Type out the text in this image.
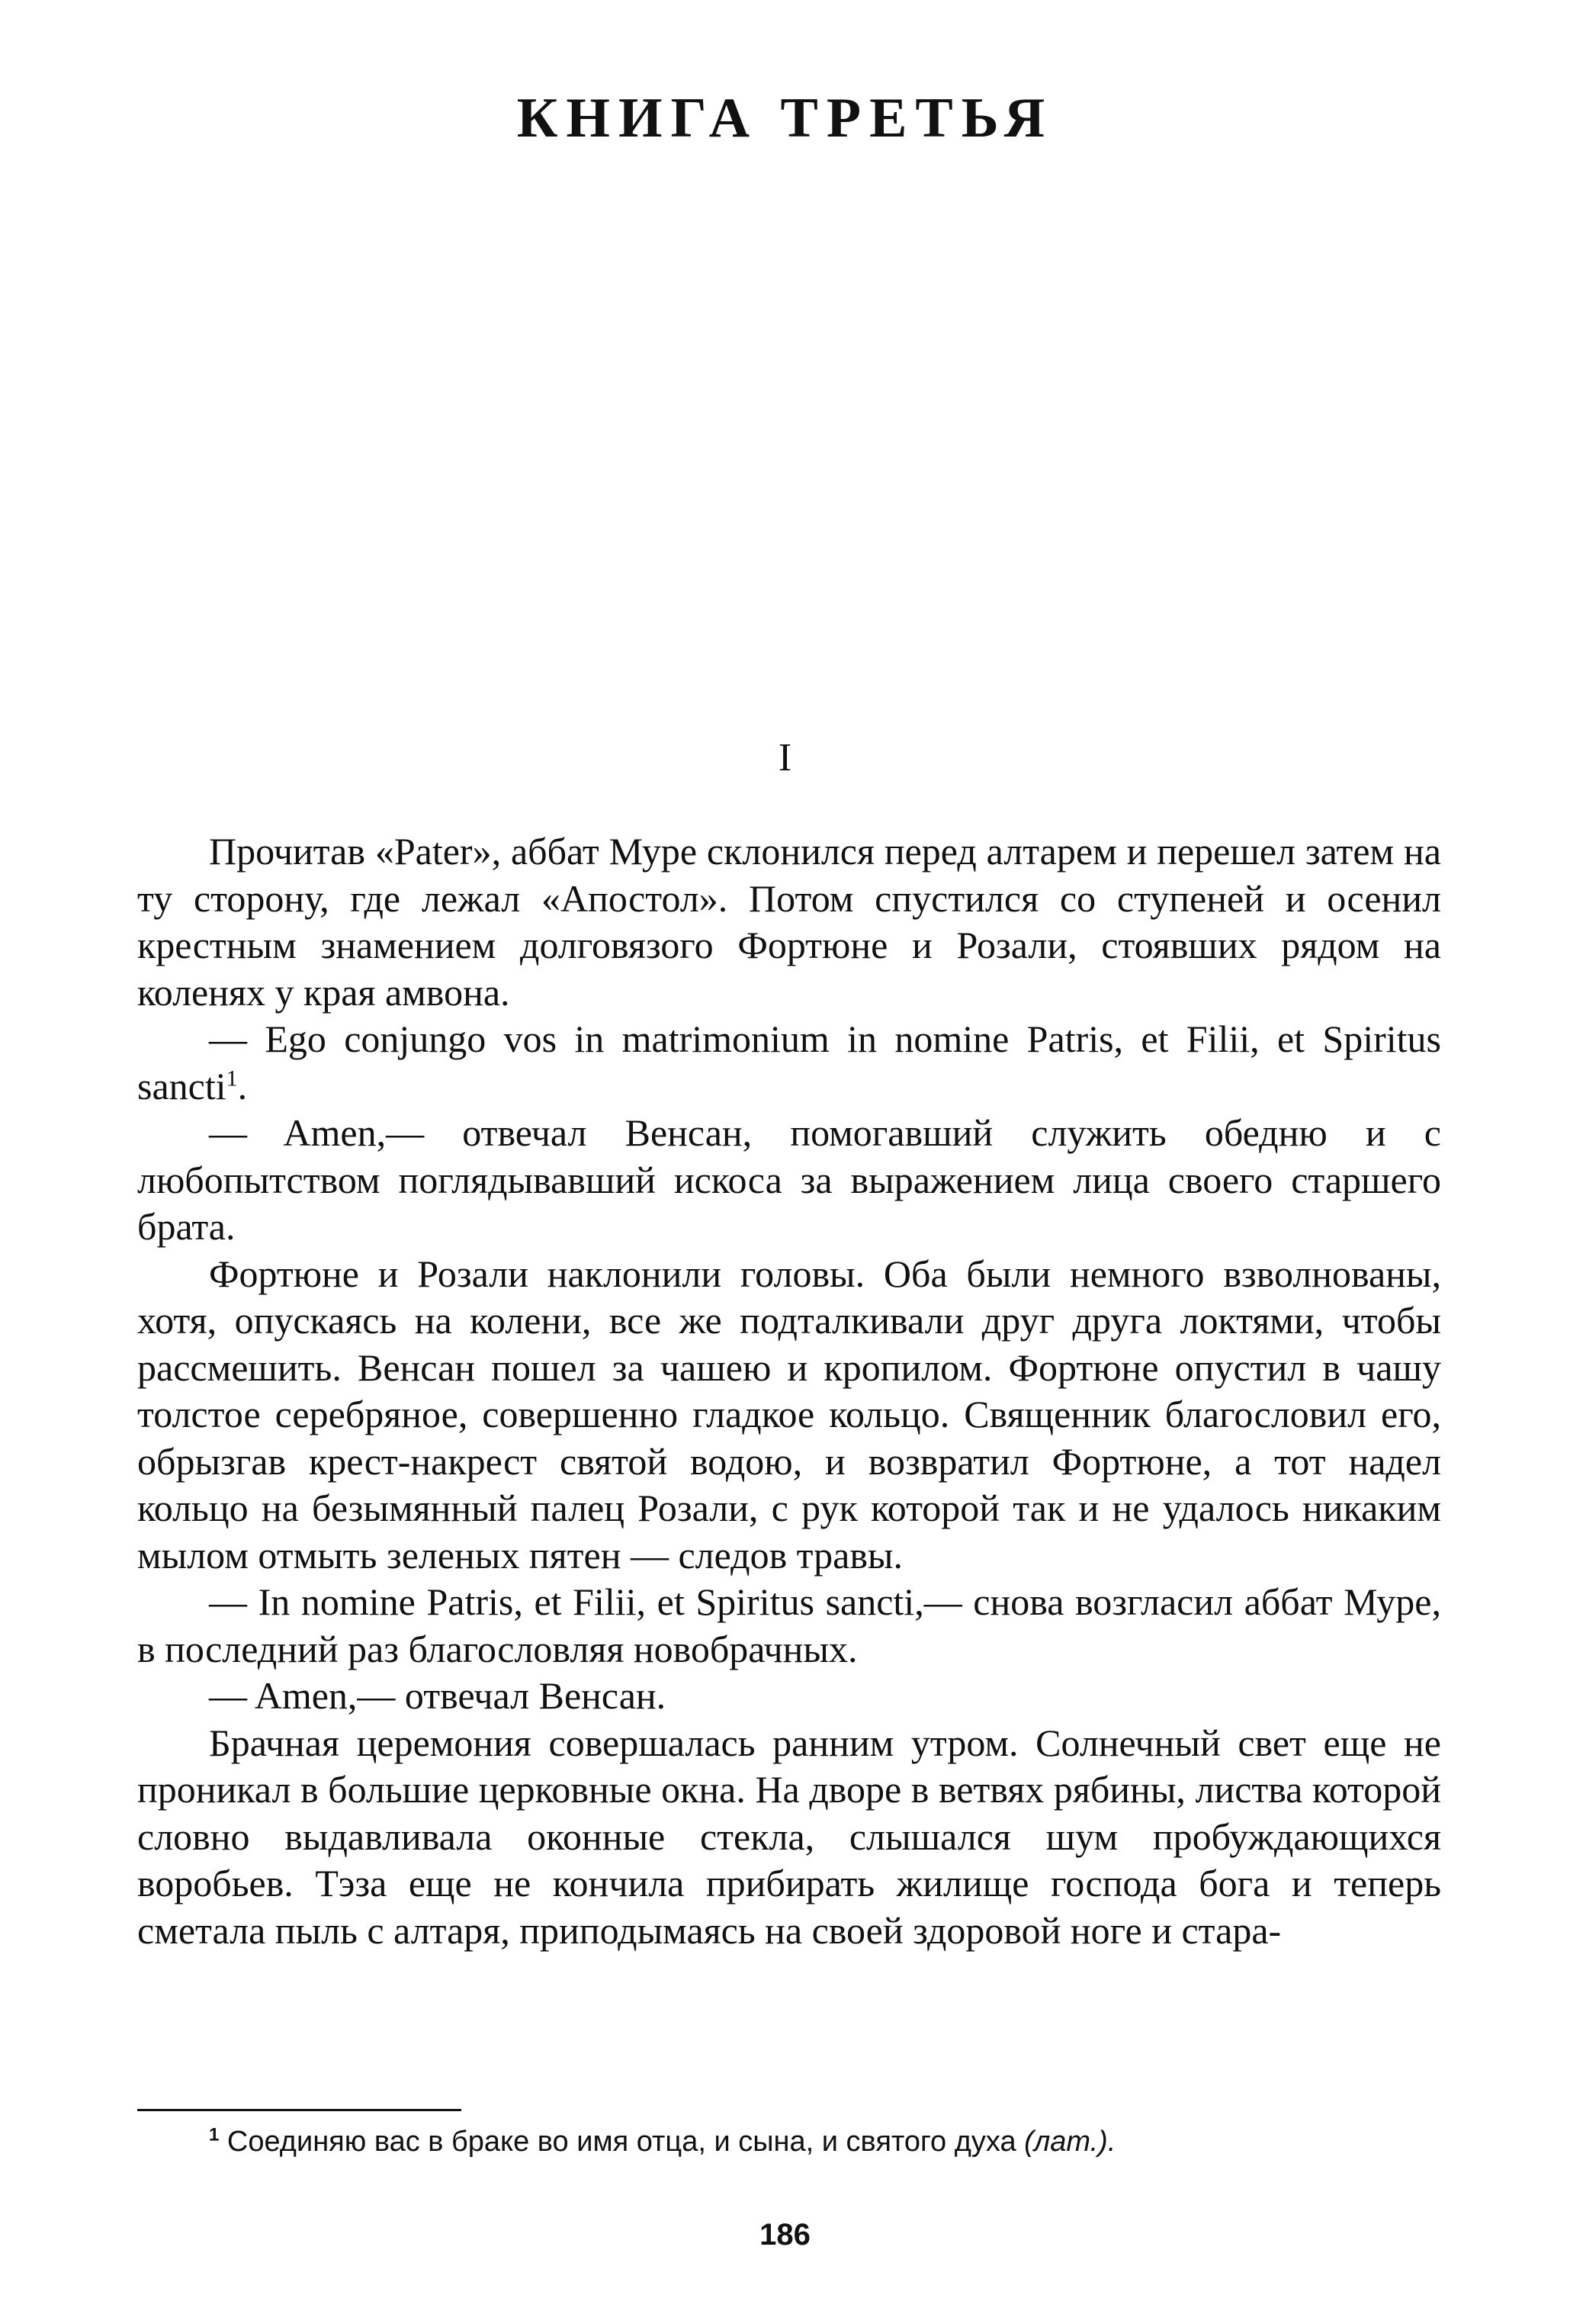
КНИГА ТРЕТЬЯ
I

Прочитав «Pater», аббат Муре склонился перед алтарем и перешел затем на ту сторону, где лежал «Апостол». Потом спустился со ступеней и осенил крестным знамением долговязого Фортюне и Розали, стоявших рядом на коленях у края амвона.

— Ego conjungo vos in matrimonium in nomine Patris, et Filii, et Spiritus sancti$^1$.

— Amen,— отвечал Венсан, помогавший служить обедню и с любопытством поглядывавший искоса за выражением лица своего старшего брата.

Фортюне и Розали наклонили головы. Оба были немного взволнованы, хотя, опускаясь на колени, все же подталкивали друг друга локтями, чтобы рассмешить. Венсан пошел за чашею и кропилом. Фортюне опустил в чашу толстое серебряное, совершенно гладкое кольцо. Священник благословил его, обрызгав крест-накрест святой водою, и возвратил Фортюне, а тот надел кольцо на безымянный палец Розали, с рук которой так и не удалось никаким мылом отмыть зеленых пятен — следов травы.

— In nomine Patris, et Filii, et Spiritus sancti,— снова возгласил аббат Муре, в последний раз благословляя новобрачных.

— Amen,— отвечал Венсан.

Брачная церемония совершалась ранним утром. Солнечный свет еще не проникал в большие церковные окна. На дворе в ветвях рябины, листва которой словно выдавливала оконные стекла, слышался шум пробуждающихся воробьев. Тэза еще не кончила прибирать жилище господа бога и теперь сметала пыль с алтаря, приподымаясь на своей здоровой ноге и стара-

$^1$ Соединяю вас в браке во имя отца, и сына, и святого духа (лат.).

186
